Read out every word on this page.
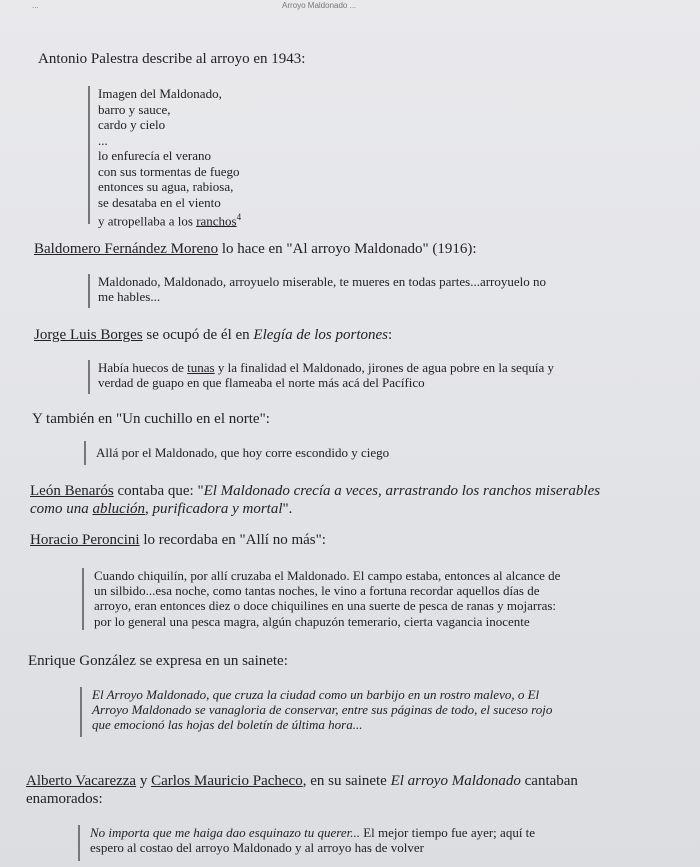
...	Arroyo Maldonado ...
Antonio Palestra describe al arroyo en 1943:
Imagen del Maldonado,
barro y sauce,
cardo y cielo
...
lo enfurecía el verano
con sus tormentas de fuego
entonces su agua, rabiosa,
se desataba en el viento
y atropellaba a los ranchos$^4$
Baldomero Fernández Moreno lo hace en "Al arroyo Maldonado" (1916):
Maldonado, Maldonado, arroyuelo miserable, te mueres en todas partes...arroyuelo no
me hables...
Jorge Luis Borges se ocupó de él en Elegía de los portones:
Había huecos de tunas y la finalidad el Maldonado, jirones de agua pobre en la sequía y
verdad de guapo en que flameaba el norte más acá del Pacífico
Y también en "Un cuchillo en el norte":
Allá por el Maldonado, que hoy corre escondido y ciego
León Benarós contaba que: "El Maldonado crecía a veces, arrastrando los ranchos miserables
como una ablución, purificadora y mortal".
Horacio Peroncini lo recordaba en "Allí no más":
Cuando chiquilín, por allí cruzaba el Maldonado. El campo estaba, entonces al alcance de
un silbido...esa noche, como tantas noches, le vino a fortuna recordar aquellos días de
arroyo, eran entonces diez o doce chiquilines en una suerte de pesca de ranas y mojarras:
por lo general una pesca magra, algún chapuzón temerario, cierta vagancia inocente
Enrique González se expresa en un sainete:
El Arroyo Maldonado, que cruza la ciudad como un barbijo en un rostro malevo, o El
Arroyo Maldonado se vanagloria de conservar, entre sus páginas de todo, el suceso rojo
que emocionó las hojas del boletín de última hora...
Alberto Vacarezza y Carlos Mauricio Pacheco, en su sainete El arroyo Maldonado cantaban
enamorados:
No importa que me haiga dao esquinazo tu querer... El mejor tiempo fue ayer; aquí te
espero al costao del arroyo Maldonado y al arroyo has de volver
